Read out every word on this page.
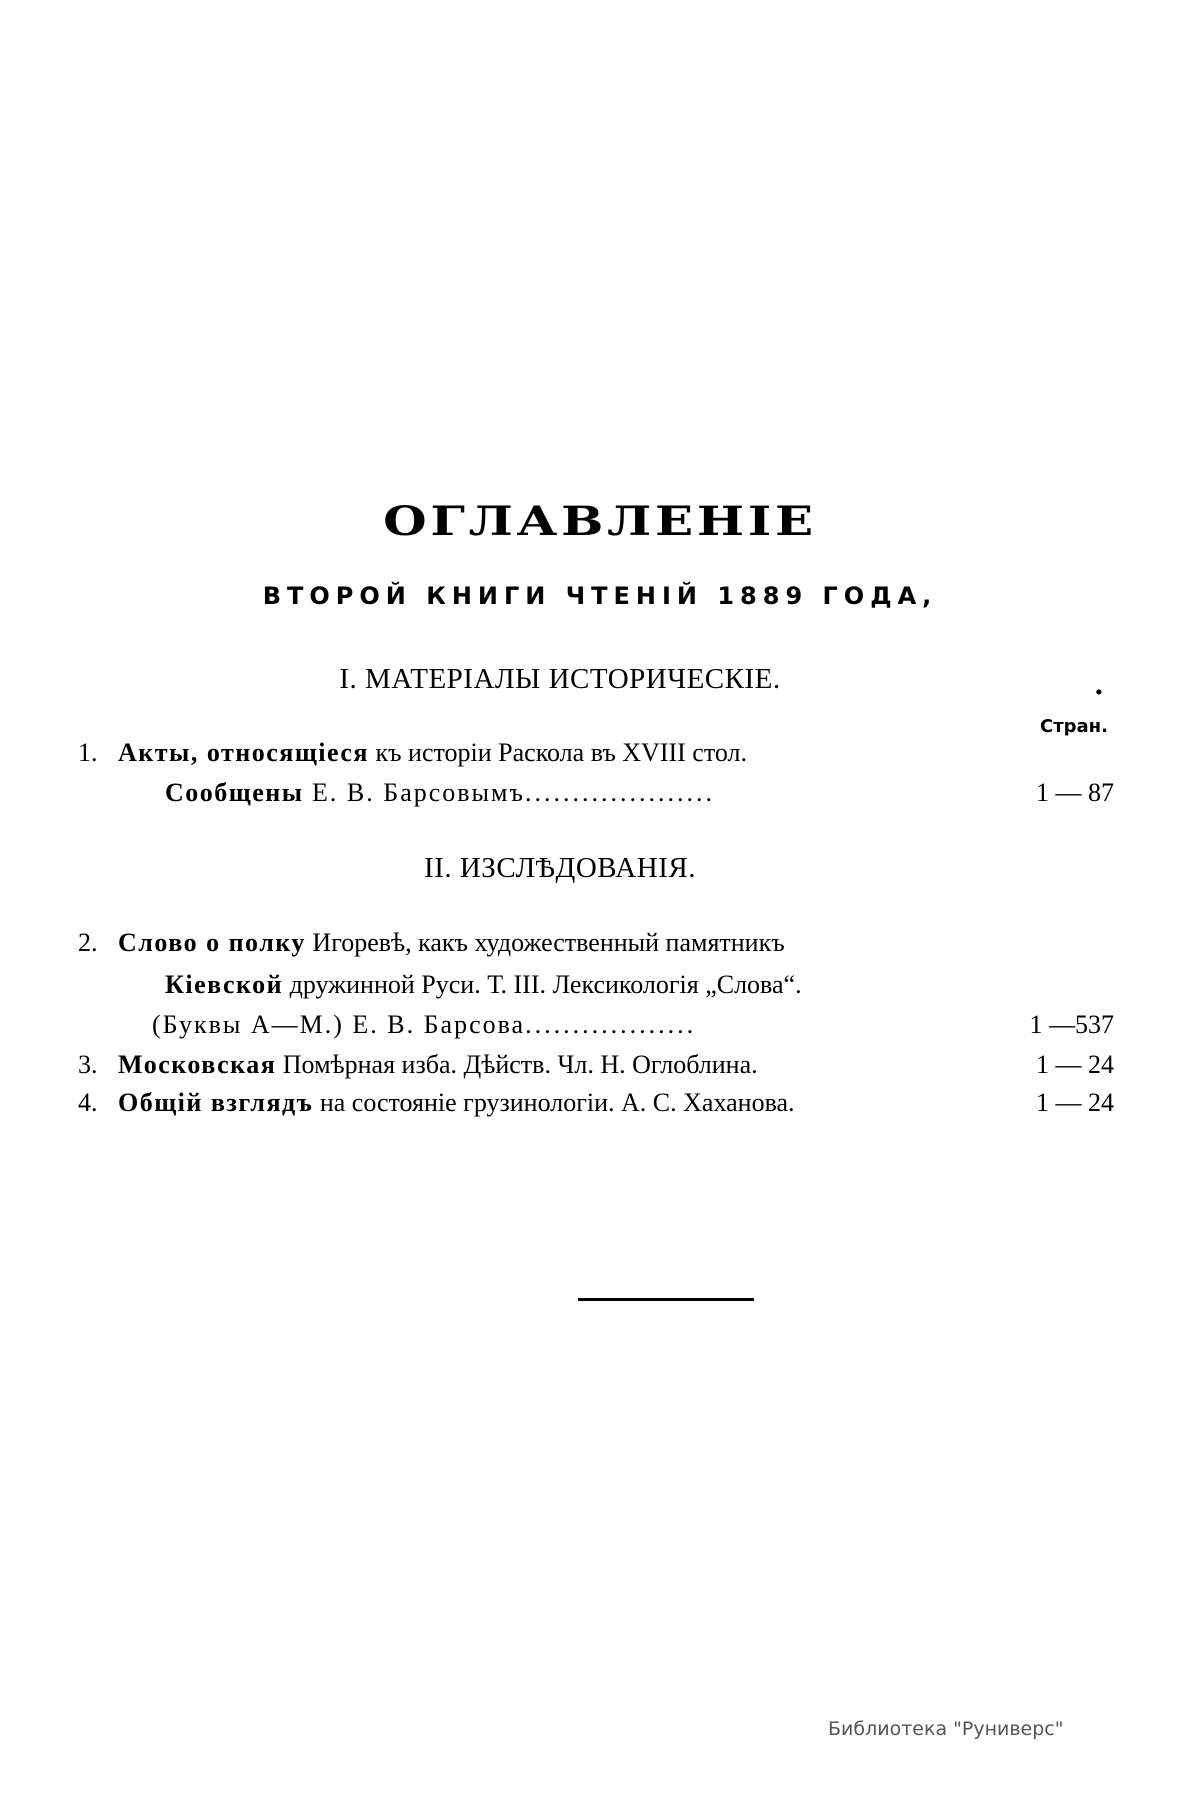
ОГЛАВЛЕНІЕ
ВТОРОЙ КНИГИ ЧТЕНІЙ 1889 ГОДА,
I. МАТЕРІАЛЫ ИСТОРИЧЕСКІЕ.	.
Стран.
1. Акты, относящіеся къ исторіи Раскола въ XVIII стол.
Сообщены Е. В. Барсовымъ....................	1 — 87
II. ИЗСЛѢДОВАНІЯ.
2. Слово о полку Игоревѣ, какъ художественный памятникъ
Кіевской дружинной Руси. Т. III. Лексикологія „Слова“.
(Буквы А—М.) Е. В. Барсова..................	1 —537
3. Московская Помѣрная изба. Дѣйств. Чл. Н. Оглоблина.	1 — 24
4. Общій взглядъ на состояніе грузинологіи. А. С. Хаханова.	1 — 24
Библиотека "Руниверс"
